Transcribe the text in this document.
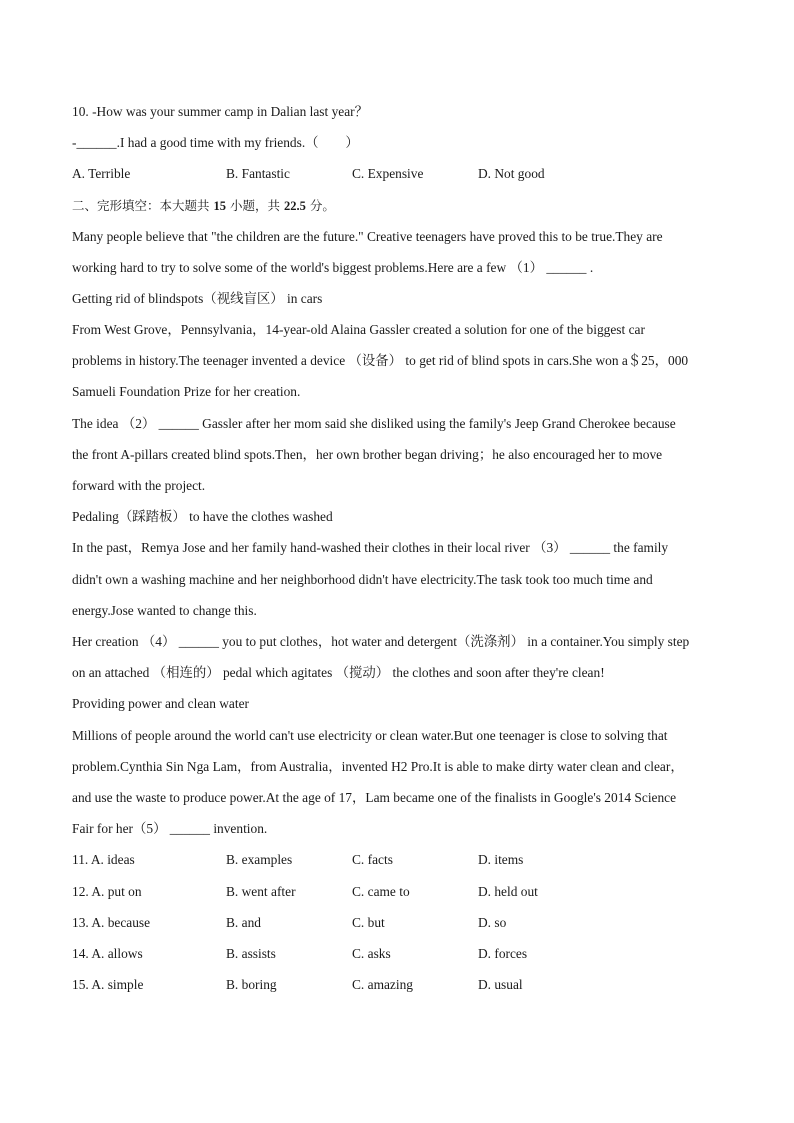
10. -How was your summer camp in Dalian last year？
-______.I had a good time with my friends.（　　）
A. Terrible	B. Fantastic	C. Expensive	D. Not good
二、完形填空：本大题共 15 小题，共 22.5 分。
Many people believe that "the children are the future." Creative teenagers have proved this to be true.They are
working hard to try to solve some of the world's biggest problems.Here are a few （1） ______ .
Getting rid of blindspots（视线盲区） in cars
From West Grove，Pennsylvania，14-year-old Alaina Gassler created a solution for one of the biggest car
problems in history.The teenager invented a device （设备） to get rid of blind spots in cars.She won a＄25，000
Samueli Foundation Prize for her creation.
The idea （2） ______ Gassler after her mom said she disliked using the family's Jeep Grand Cherokee because
the front A-pillars created blind spots.Then，her own brother began driving；he also encouraged her to move
forward with the project.
Pedaling（踩踏板） to have the clothes washed
In the past，Remya Jose and her family hand-washed their clothes in their local river （3） ______ the family
didn't own a washing machine and her neighborhood didn't have electricity.The task took too much time and
energy.Jose wanted to change this.
Her creation （4） ______ you to put clothes，hot water and detergent（洗涤剂） in a container.You simply step
on an attached （相连的） pedal which agitates （搅动） the clothes and soon after they're clean!
Providing power and clean water
Millions of people around the world can't use electricity or clean water.But one teenager is close to solving that
problem.Cynthia Sin Nga Lam，from Australia，invented H2 Pro.It is able to make dirty water clean and clear，
and use the waste to produce power.At the age of 17，Lam became one of the finalists in Google's 2014 Science
Fair for her（5） ______ invention.
11. A. ideas	B. examples	C. facts	D. items
12. A. put on	B. went after	C. came to	D. held out
13. A. because	B. and	C. but	D. so
14. A. allows	B. assists	C. asks	D. forces
15. A. simple	B. boring	C. amazing	D. usual
